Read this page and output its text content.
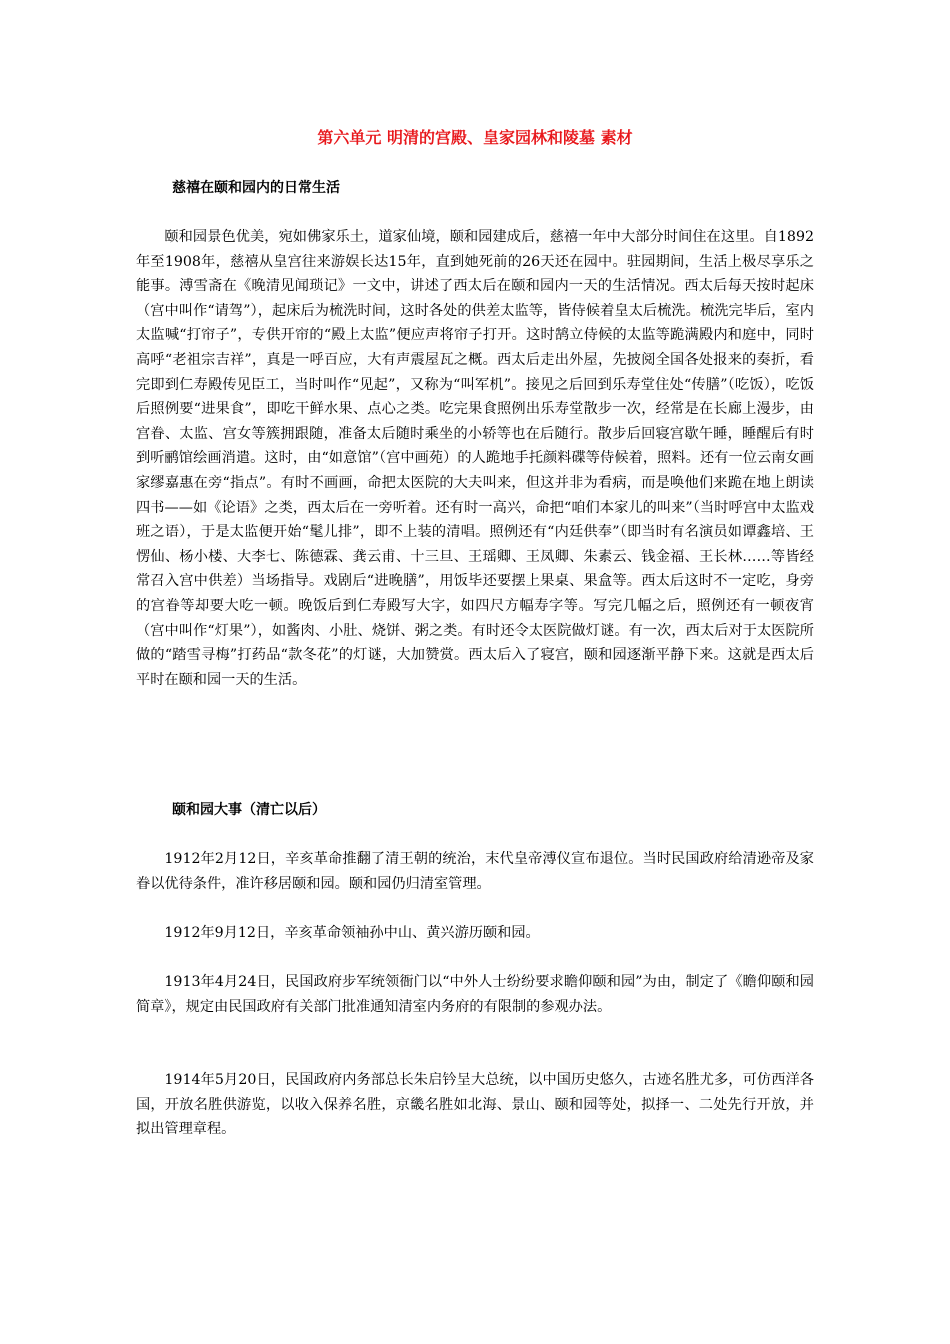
第六单元 明清的宫殿、皇家园林和陵墓 素材
慈禧在颐和园内的日常生活

颐和园景色优美，宛如佛家乐土，道家仙境，颐和园建成后，慈禧一年中大部分时间住在这里。自1892年至1908年，慈禧从皇宫往来游娱长达15年，直到她死前的26天还在园中。驻园期间，生活上极尽享乐之能事。溥雪斋在《晚清见闻琐记》一文中，讲述了西太后在颐和园内一天的生活情况。西太后每天按时起床（宫中叫作“请驾”），起床后为梳洗时间，这时各处的供差太监等，皆侍候着皇太后梳洗。梳洗完毕后，室内太监喊“打帘子”，专供开帘的“殿上太监”便应声将帘子打开。这时鹄立侍候的太监等跪满殿内和庭中，同时高呼“老祖宗吉祥”，真是一呼百应，大有声震屋瓦之概。西太后走出外屋，先披阅全国各处报来的奏折，看完即到仁寿殿传见臣工，当时叫作“见起”，又称为“叫军机”。接见之后回到乐寿堂住处“传膳”（吃饭），吃饭后照例要“进果食”，即吃干鲜水果、点心之类。吃完果食照例出乐寿堂散步一次，经常是在长廊上漫步，由宫眷、太监、宫女等簇拥跟随，准备太后随时乘坐的小轿等也在后随行。散步后回寝宫歇午睡，睡醒后有时到听鹂馆绘画消遣。这时，由“如意馆”（宫中画苑）的人跪地手托颜料碟等侍候着，照料。还有一位云南女画家缪嘉惠在旁“指点”。有时不画画，命把太医院的大夫叫来，但这并非为看病，而是唤他们来跪在地上朗读四书——如《论语》之类，西太后在一旁听着。还有时一高兴，命把“咱们本家儿的叫来”（当时呼宫中太监戏班之语），于是太监便开始“髦儿排”，即不上装的清唱。照例还有“内廷供奉”（即当时有名演员如谭鑫培、王愣仙、杨小楼、大李七、陈德霖、龚云甫、十三旦、王瑶卿、王凤卿、朱素云、钱金福、王长林……等皆经常召入宫中供差）当场指导。戏剧后“进晚膳”，用饭毕还要摆上果桌、果盒等。西太后这时不一定吃，身旁的宫眷等却要大吃一顿。晚饭后到仁寿殿写大字，如四尺方幅寿字等。写完几幅之后，照例还有一顿夜宵（宫中叫作“灯果”），如酱肉、小肚、烧饼、粥之类。有时还令太医院做灯谜。有一次，西太后对于太医院所做的“踏雪寻梅”打药品“款冬花”的灯谜，大加赞赏。西太后入了寝宫，颐和园逐渐平静下来。这就是西太后平时在颐和园一天的生活。

颐和园大事（清亡以后）

1912年2月12日，辛亥革命推翻了清王朝的统治，末代皇帝溥仪宣布退位。当时民国政府给清逊帝及家眷以优待条件，准许移居颐和园。颐和园仍归清室管理。

1912年9月12日，辛亥革命领袖孙中山、黄兴游历颐和园。

1913年4月24日，民国政府步军统领衙门以“中外人士纷纷要求瞻仰颐和园”为由，制定了《瞻仰颐和园简章》，规定由民国政府有关部门批准通知清室内务府的有限制的参观办法。

1914年5月20日，民国政府内务部总长朱启钤呈大总统，以中国历史悠久，古迹名胜尤多，可仿西洋各国，开放名胜供游览，以收入保养名胜，京畿名胜如北海、景山、颐和园等处，拟择一、二处先行开放，并拟出管理章程。
